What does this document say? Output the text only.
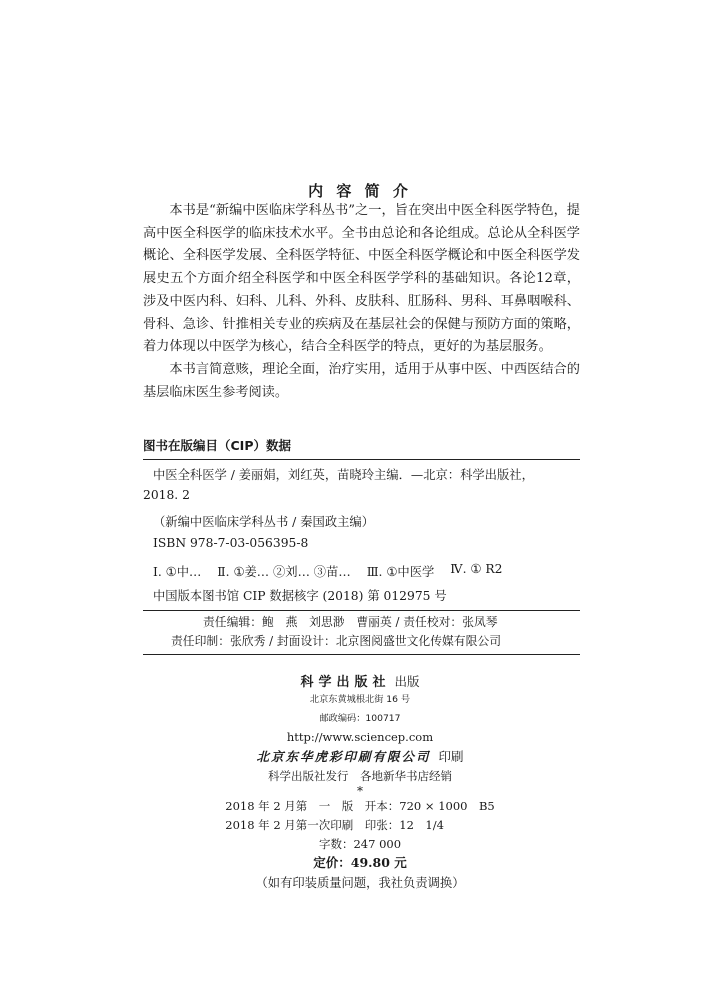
内 容 简 介

本书是“新编中医临床学科丛书”之一，旨在突出中医全科医学特色，提高中医全科医学的临床技术水平。全书由总论和各论组成。总论从全科医学概论、全科医学发展、全科医学特征、中医全科医学概论和中医全科医学发展史五个方面介绍全科医学和中医全科医学学科的基础知识。各论12章，涉及中医内科、妇科、儿科、外科、皮肤科、肛肠科、男科、耳鼻咽喉科、骨科、急诊、针推相关专业的疾病及在基层社会的保健与预防方面的策略，着力体现以中医学为核心，结合全科医学的特点，更好的为基层服务。

本书言简意赅，理论全面，治疗实用，适用于从事中医、中西医结合的基层临床医生参考阅读。

图书在版编目（CIP）数据
中医全科医学 / 姜丽娟，刘红英，苗晓玲主编．—北京：科学出版社，
2018. 2
（新编中医临床学科丛书 / 秦国政主编）
ISBN 978-7-03-056395-8
Ⅰ. ①中… Ⅱ. ①姜… ②刘… ③苗… Ⅲ. ①中医学 Ⅳ. ① R2
中国版本图书馆 CIP 数据核字 (2018) 第 012975 号
责任编辑：鲍　燕　刘思渺　曹丽英 / 责任校对：张凤琴
责任印制：张欣秀 / 封面设计：北京图阅盛世文化传媒有限公司
科学出版社 出版
北京东黄城根北街 16 号
邮政编码：100717
http://www.sciencep.com
北京东华虎彩印刷有限公司 印刷
科学出版社发行　各地新华书店经销
*
2018 年 2 月第　一　版　开本：720 × 1000　B5
2018 年 2 月第一次印刷　印张：12　1/4
字数：247 000
定价：49.80 元
（如有印装质量问题，我社负责调换）
